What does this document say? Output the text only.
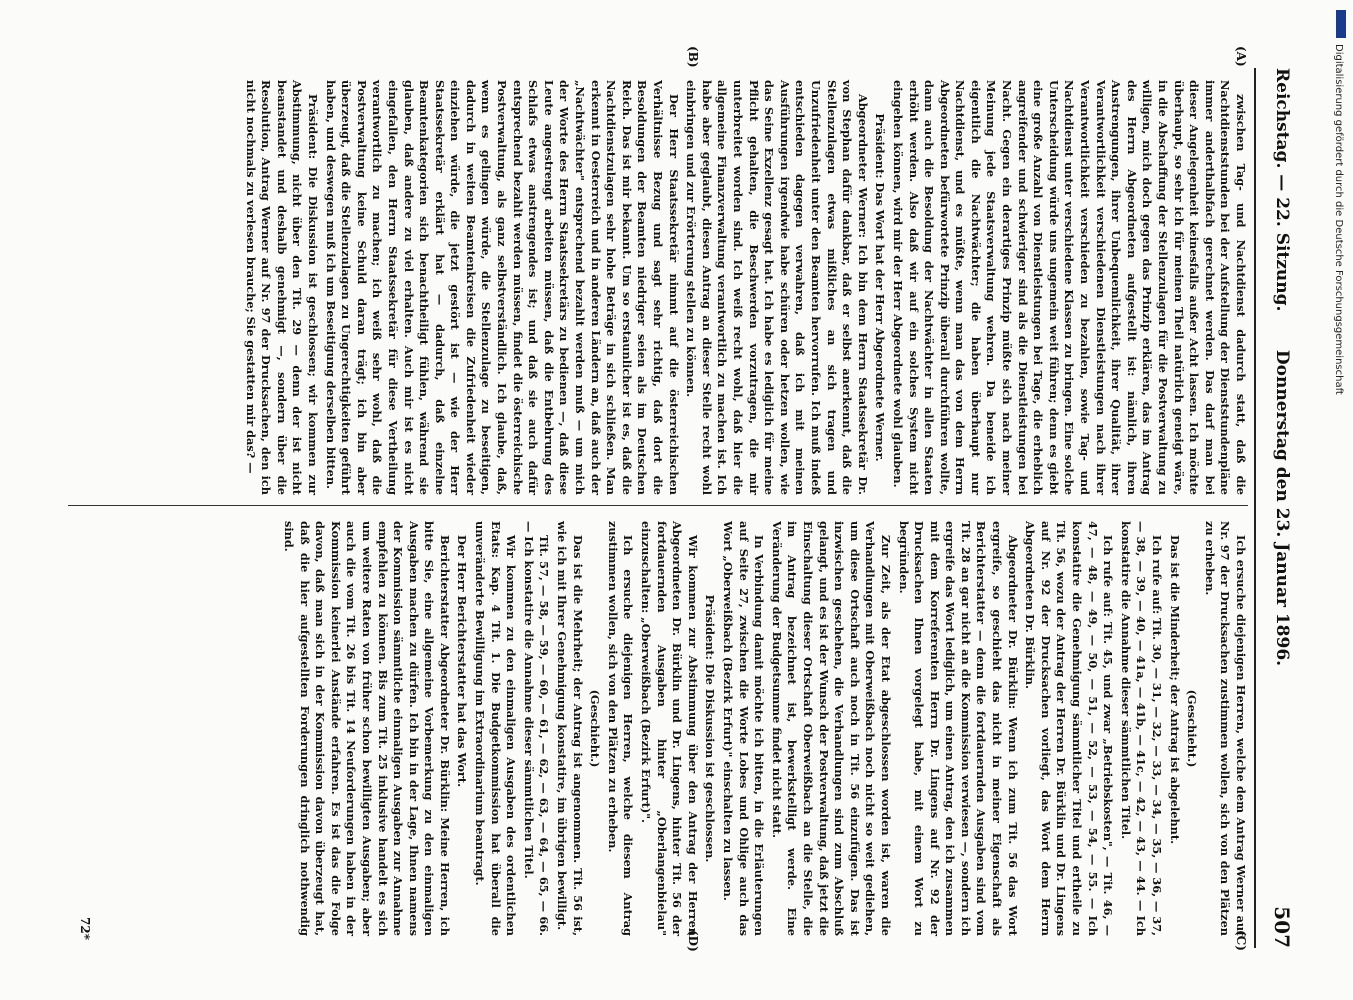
Reichstag. — 22. Sitzung.
Donnerstag den 23. Januar 1896.
507
(A)
(B)
(C)
(D)

zwischen Tag- und Nachtdienst dadurch statt, daß die Nachtdienststunden bei der Aufstellung der Dienststundenpläne immer anderthalbfach gerechnet werden. Das darf man bei dieser Angelegenheit keinesfalls außer Acht lassen. Ich möchte überhaupt, so sehr ich für meinen Theil natürlich geneigt wäre, in die Abschaffung der Stellenzulagen für die Postverwaltung zu willigen, mich doch gegen das Prinzip erklären, das im Antrag des Herrn Abgeordneten aufgestellt ist: nämlich, ihren Anstrengungen, ihrer Unbequemlichkeit, ihrer Qualität, ihrer Verantwortlichkeit verschiedenen Dienstleistungen nach ihrer Verantwortlichkeit verschieden zu bezahlen, sowie Tag- und Nachtdienst unter verschiedene Klassen zu bringen. Eine solche Unterscheidung würde uns ungemein weit führen; denn es giebt eine große Anzahl von Dienstleistungen bei Tage, die erheblich angreifender und schwieriger sind als die Dienstleistungen bei Nacht. Gegen ein derartiges Prinzip müßte sich nach meiner Meinung jede Staatsverwaltung wehren. Da beneide ich eigentlich die Nachtwächter; die haben überhaupt nur Nachtdienst, und es müßte, wenn man das von dem Herrn Abgeordneten befürwortete Prinzip überall durchführen wollte, dann auch die Besoldung der Nachtwächter in allen Staaten erhöht werden. Also daß wir auf ein solches System nicht eingehen können, wird mir der Herr Abgeordnete wohl glauben.

Präsident: Das Wort hat der Herr Abgeordnete Werner.

Abgeordneter Werner: Ich bin dem Herrn Staatssekretär Dr. von Stephan dafür dankbar, daß er selbst anerkennt, daß die Stellenzulagen etwas mißliches an sich tragen und Unzufriedenheit unter den Beamten hervorrufen. Ich muß indeß entschieden dagegen verwahren, daß ich mit meinen Ausführungen irgendwie habe schüren oder hetzen wollen, wie das Seine Exzellenz gesagt hat. Ich habe es lediglich für meine Pflicht gehalten, die Beschwerden vorzutragen, die mir unterbreitet worden sind. Ich weiß recht wohl, daß hier die allgemeine Finanzverwaltung verantwortlich zu machen ist. Ich habe aber geglaubt, diesen Antrag an dieser Stelle recht wohl einbringen und zur Erörterung stellen zu können.

Der Herr Staatssekretär nimmt auf die österreichischen Verhältnisse Bezug und sagt sehr richtig, daß dort die Besoldungen der Beamten niedriger seien als im Deutschen Reich. Das ist mir bekannt. Um so erstaunlicher ist es, daß die Nachtdienstzulagen sehr hohe Beträge in sich schließen. Man erkennt in Oesterreich und in anderen Ländern an, daß auch der „Nachtwächter" entsprechend bezahlt werden muß — um mich der Worte des Herrn Staatssekretärs zu bedienen —, daß diese Leute angestrengt arbeiten müssen, daß die Entbehrung des Schlafs etwas anstrengendes ist; und daß sie auch dafür entsprechend bezahlt werden müssen, findet die österreichische Postverwaltung, als ganz selbstverständlich. Ich glaube, daß, wenn es gelingen würde, die Stellenzulage zu beseitigen, dadurch in weiten Beamtenkreisen die Zufriedenheit wieder einziehen würde, die jetzt gestört ist — wie der Herr Staatssekretär erklärt hat — dadurch, daß einzelne Beamtenkategorien sich benachtheiligt fühlen, während sie glauben, daß andere zu viel erhalten. Auch mir ist es nicht eingefallen, den Herrn Staatssekretär für diese Vertheilung verantwortlich zu machen; ich weiß sehr wohl, daß die Postverwaltung keine Schuld daran trägt; ich bin aber überzeugt, daß die Stellenzulagen zu Ungerechtigkeiten geführt haben, und deswegen muß ich um Beseitigung derselben bitten.

Präsident: Die Diskussion ist geschlossen; wir kommen zur Abstimmung, nicht über den Tit. 29 — denn der ist nicht beanstandet und deshalb genehmigt —, sondern über die Resolution, Antrag Werner auf Nr. 97 der Drucksachen, den ich nicht nochmals zu verlesen brauche; Sie gestatten mir das? —

Ich ersuche diejenigen Herren, welche dem Antrag Werner auf Nr. 97 der Drucksachen zustimmen wollen, sich von den Plätzen zu erheben.

(Geschieht.)

Das ist die Minderheit; der Antrag ist abgelehnt.

Ich rufe auf: Tit. 30, — 31, — 32, — 33, — 34, — 35, — 36, — 37, — 38, — 39, — 40, — 41a, — 41b, — 41c, — 42, — 43, — 44. — Ich konstatire die Annahme dieser sämmtlichen Titel.

Ich rufe auf: Tit. 45, und zwar „Betriebskosten", — Tit. 46, — 47, — 48, — 49, — 50, — 51, — 52, — 53, — 54, — 55. — Ich konstatire die Genehmigung sämmtlicher Titel und ertheile zu Tit. 56, wozu der Antrag der Herren Dr. Bürklin und Dr. Lingens auf Nr. 92 der Drucksachen vorliegt, das Wort dem Herrn Abgeordneten Dr. Bürklin.

Abgeordneter Dr. Bürklin: Wenn ich zum Tit. 56 das Wort ergreife, so geschieht das nicht in meiner Eigenschaft als Berichterstatter — denn die fortdauernden Ausgaben sind vom Tit. 28 an gar nicht an die Kommission verwiesen —, sondern ich ergreife das Wort lediglich, um einen Antrag, den ich zusammen mit dem Korreferenten Herrn Dr. Lingens auf Nr. 92 der Drucksachen Ihnen vorgelegt habe, mit einem Wort zu begründen.

Zur Zeit, als der Etat abgeschlossen worden ist, waren die Verhandlungen mit Oberweißbach noch nicht so weit gediehen, um diese Ortschaft auch noch in Tit. 56 einzufügen. Das ist inzwischen geschehen, die Verhandlungen sind zum Abschluß gelangt, und es ist der Wunsch der Postverwaltung, daß jetzt die Einschaltung dieser Ortschaft Oberweißbach an die Stelle, die im Antrag bezeichnet ist, bewerkstelligt werde. Eine Veränderung der Budgetsumme findet nicht statt.

In Verbindung damit möchte ich bitten, in die Erläuterungen auf Seite 27, zwischen die Worte Lobes und Ohlige auch das Wort „Oberweißbach (Bezirk Erfurt)" einschalten zu lassen.

Präsident: Die Diskussion ist geschlossen.

Wir kommen zur Abstimmung über den Antrag der Herren Abgeordneten Dr. Bürklin und Dr. Lingens, hinter Tit. 56 der fortdauernden Ausgaben hinter „Oberlangenbielau" einzuschalten: „Oberweißbach (Bezirk Erfurt)".

Ich ersuche diejenigen Herren, welche diesem Antrag zustimmen wollen, sich von den Plätzen zu erheben.

(Geschieht.)

Das ist die Mehrheit; der Antrag ist angenommen. Tit. 56 ist, wie ich mit Ihrer Genehmigung konstatire, im übrigen bewilligt.

Tit. 57, — 58, — 59, — 60, — 61, — 62, — 63, — 64, — 65, — 66. — Ich konstatire die Annahme dieser sämmtlichen Titel.

Wir kommen zu den einmaligen Ausgaben des ordentlichen Etats: Kap. 4 Tit. 1. Die Budgetkommission hat überall die unveränderte Bewilligung im Extraordinarium beantragt.

Der Herr Berichterstatter hat das Wort.

Berichterstatter Abgeordneter Dr. Bürklin: Meine Herren, ich bitte Sie, eine allgemeine Vorbemerkung zu den einmaligen Ausgaben machen zu dürfen. Ich bin in der Lage, Ihnen namens der Kommission sämmtliche einmaligen Ausgaben zur Annahme empfehlen zu können. Bis zum Tit. 25 inklusive handelt es sich um weitere Raten von früher schon bewilligten Ausgaben; aber auch die vom Tit. 26 bis Tit. 14 Neuforderungen haben in der Kommission keinerlei Anstände erfahren. Es ist das die Folge davon, daß man sich in der Kommission davon überzeugt hat, daß die hier aufgestellten Forderungen dringlich nothwendig sind.

72*
Digitalisierung gefördert durch die Deutsche Forschungsgemeinschaft
